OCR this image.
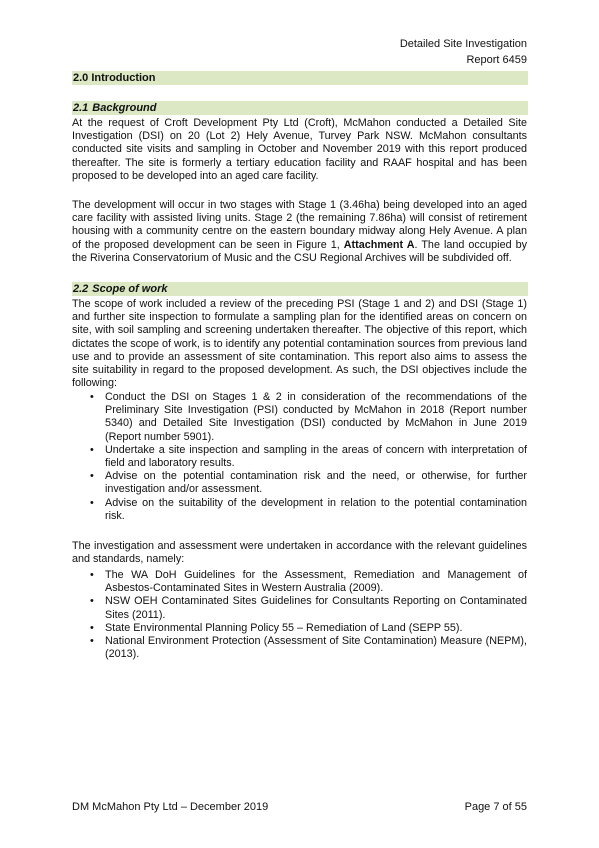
Detailed Site Investigation
Report 6459
2.0 Introduction
2.1 Background

At the request of Croft Development Pty Ltd (Croft), McMahon conducted a Detailed Site Investigation (DSI) on 20 (Lot 2) Hely Avenue, Turvey Park NSW. McMahon consultants conducted site visits and sampling in October and November 2019 with this report produced thereafter. The site is formerly a tertiary education facility and RAAF hospital and has been proposed to be developed into an aged care facility.

The development will occur in two stages with Stage 1 (3.46ha) being developed into an aged care facility with assisted living units. Stage 2 (the remaining 7.86ha) will consist of retirement housing with a community centre on the eastern boundary midway along Hely Avenue. A plan of the proposed development can be seen in Figure 1, Attachment A. The land occupied by the Riverina Conservatorium of Music and the CSU Regional Archives will be subdivided off.

2.2 Scope of work

The scope of work included a review of the preceding PSI (Stage 1 and 2) and DSI (Stage 1) and further site inspection to formulate a sampling plan for the identified areas on concern on site, with soil sampling and screening undertaken thereafter. The objective of this report, which dictates the scope of work, is to identify any potential contamination sources from previous land use and to provide an assessment of site contamination. This report also aims to assess the site suitability in regard to the proposed development. As such, the DSI objectives include the following:

• Conduct the DSI on Stages 1 & 2 in consideration of the recommendations of the Preliminary Site Investigation (PSI) conducted by McMahon in 2018 (Report number 5340) and Detailed Site Investigation (DSI) conducted by McMahon in June 2019 (Report number 5901).
• Undertake a site inspection and sampling in the areas of concern with interpretation of field and laboratory results.
• Advise on the potential contamination risk and the need, or otherwise, for further investigation and/or assessment.
• Advise on the suitability of the development in relation to the potential contamination risk.

The investigation and assessment were undertaken in accordance with the relevant guidelines and standards, namely:

• The WA DoH Guidelines for the Assessment, Remediation and Management of Asbestos-Contaminated Sites in Western Australia (2009).
• NSW OEH Contaminated Sites Guidelines for Consultants Reporting on Contaminated Sites (2011).
• State Environmental Planning Policy 55 – Remediation of Land (SEPP 55).
• National Environment Protection (Assessment of Site Contamination) Measure (NEPM), (2013).
DM McMahon Pty Ltd – December 2019	Page 7 of 55
